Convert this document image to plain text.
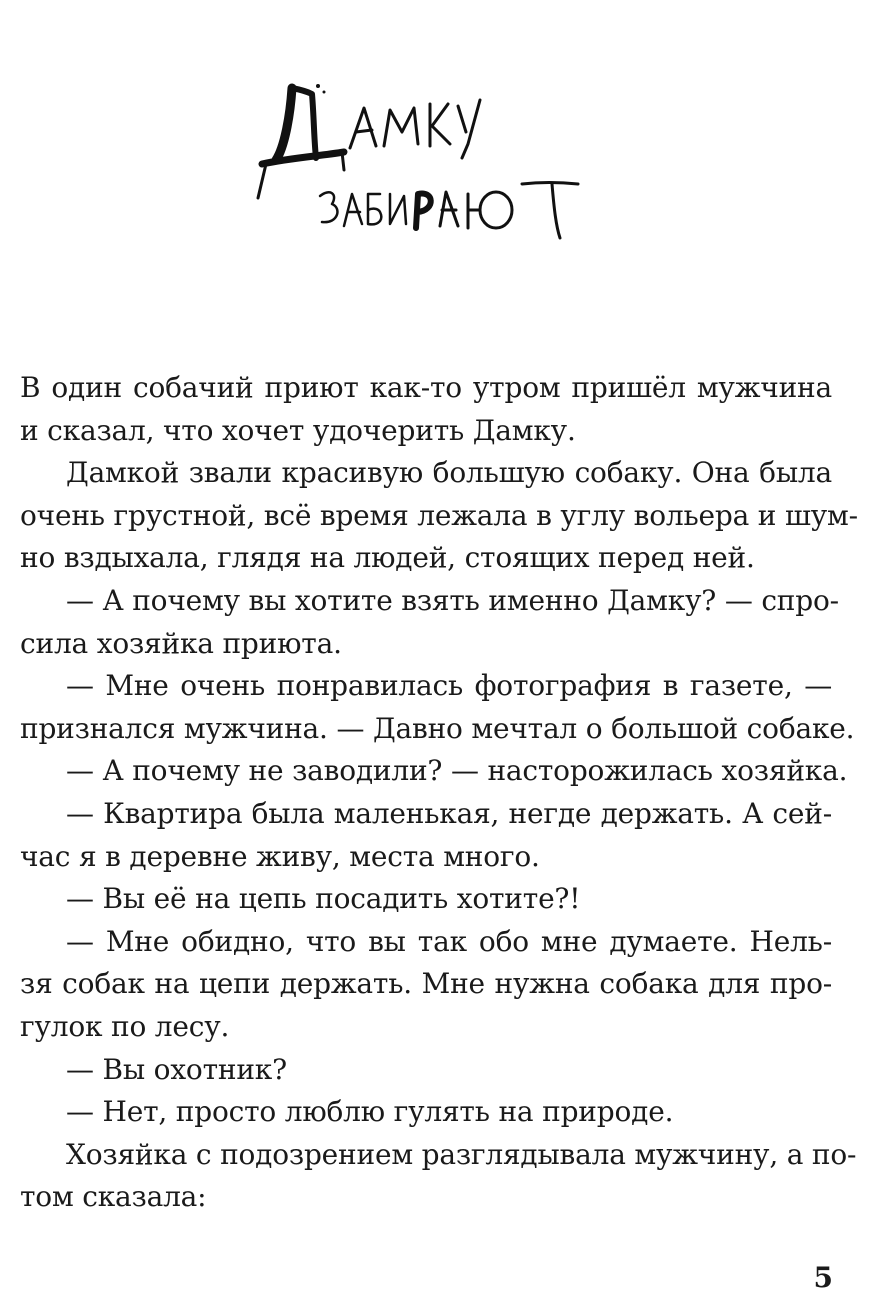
В один собачий приют как-то утром пришёл мужчина
и сказал, что хочет удочерить Дамку.
Дамкой звали красивую большую собаку. Она была
очень грустной, всё время лежала в углу вольера и шум-
но вздыхала, глядя на людей, стоящих перед ней.
— А почему вы хотите взять именно Дамку? — спро-
сила хозяйка приюта.
— Мне очень понравилась фотография в газете, —
признался мужчина. — Давно мечтал о большой собаке.
— А почему не заводили? — насторожилась хозяйка.
— Квартира была маленькая, негде держать. А сей-
час я в деревне живу, места много.
— Вы её на цепь посадить хотите?!
— Мне обидно, что вы так обо мне думаете. Нель-
зя собак на цепи держать. Мне нужна собака для про-
гулок по лесу.
— Вы охотник?
— Нет, просто люблю гулять на природе.
Хозяйка с подозрением разглядывала мужчину, а по-
том сказала:
5
